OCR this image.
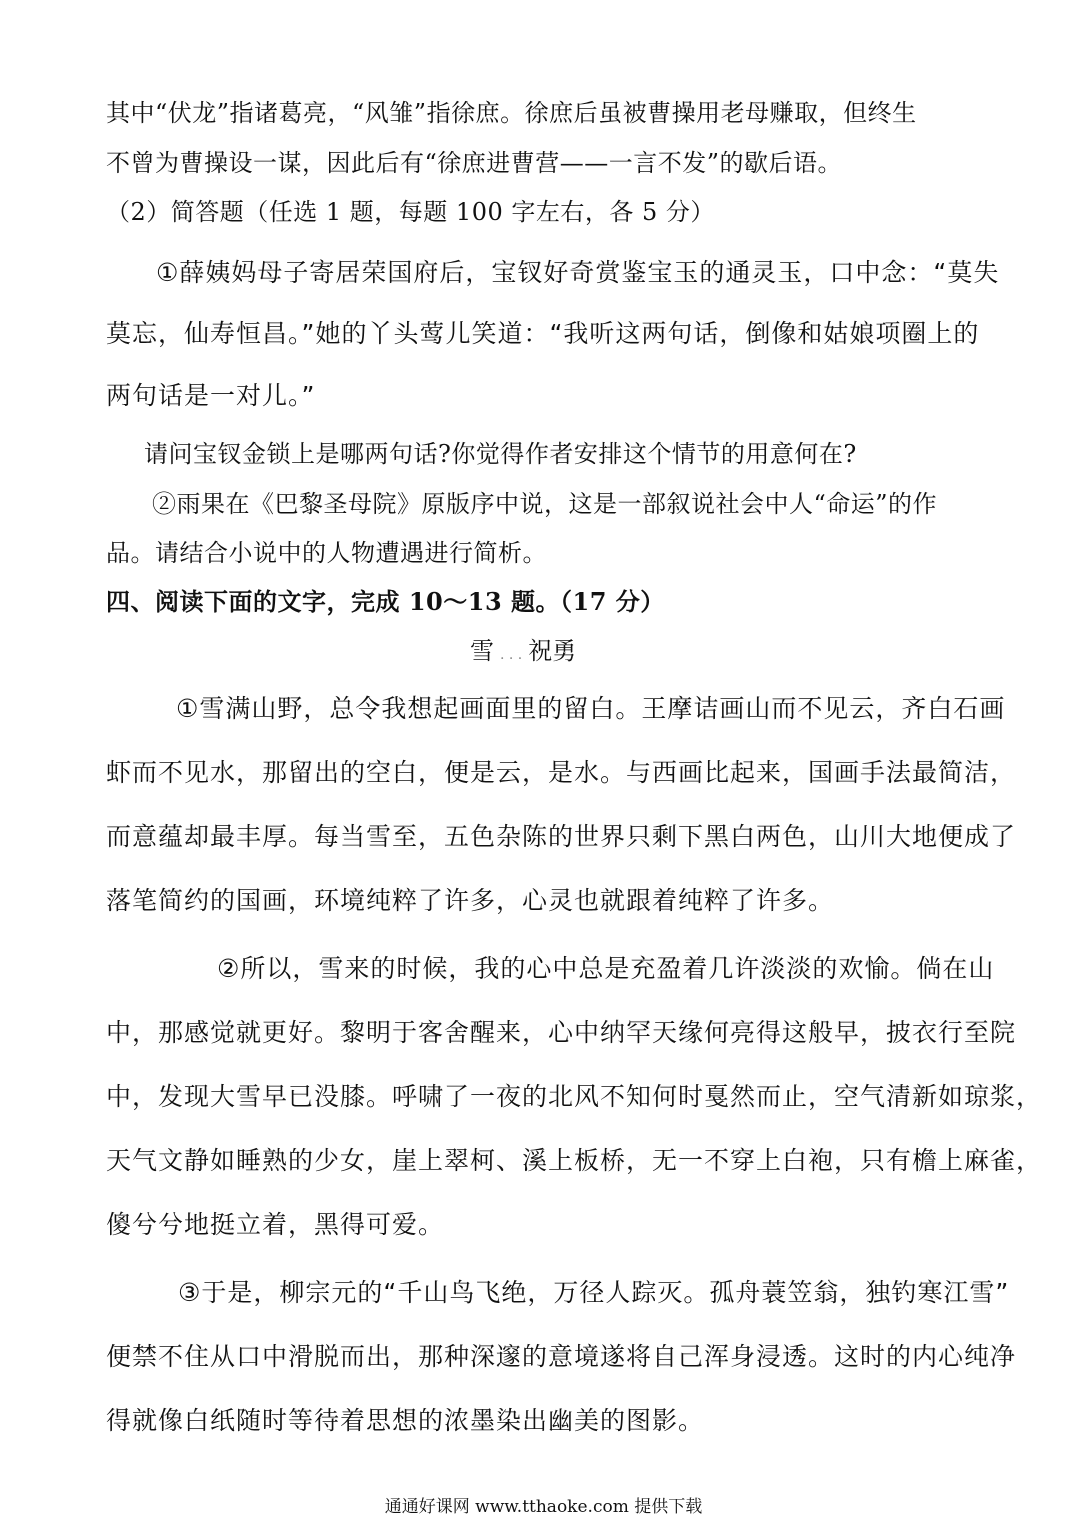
其中“伏龙”指诸葛亮，“风雏”指徐庶。徐庶后虽被曹操用老母赚取，但终生
不曾为曹操设一谋，因此后有“徐庶进曹营——一言不发”的歇后语。
（2）简答题（任选 1 题，每题 100 字左右，各 5 分）
①薛姨妈母子寄居荣国府后，宝钗好奇赏鉴宝玉的通灵玉，口中念：“莫失
莫忘，仙寿恒昌。”她的丫头莺儿笑道：“我听这两句话，倒像和姑娘项圈上的
两句话是一对儿。”
请问宝钗金锁上是哪两句话?你觉得作者安排这个情节的用意何在?
②雨果在《巴黎圣母院》原版序中说，这是一部叙说社会中人“命运”的作
品。请结合小说中的人物遭遇进行简析。
四、阅读下面的文字，完成 10～13 题。（17 分）
雪 . . . 祝勇
①雪满山野，总令我想起画面里的留白。王摩诘画山而不见云，齐白石画
虾而不见水，那留出的空白，便是云，是水。与西画比起来，国画手法最简洁，
而意蕴却最丰厚。每当雪至，五色杂陈的世界只剩下黑白两色，山川大地便成了
落笔简约的国画，环境纯粹了许多，心灵也就跟着纯粹了许多。
②所以，雪来的时候，我的心中总是充盈着几许淡淡的欢愉。倘在山
中，那感觉就更好。黎明于客舍醒来，心中纳罕天缘何亮得这般早，披衣行至院
中，发现大雪早已没膝。呼啸了一夜的北风不知何时戛然而止，空气清新如琼浆，
天气文静如睡熟的少女，崖上翠柯、溪上板桥，无一不穿上白袍，只有檐上麻雀，
傻兮兮地挺立着，黑得可爱。
③于是，柳宗元的“千山鸟飞绝，万径人踪灭。孤舟蓑笠翁，独钓寒江雪”
便禁不住从口中滑脱而出，那种深邃的意境遂将自己浑身浸透。这时的内心纯净
得就像白纸随时等待着思想的浓墨染出幽美的图影。
通通好课网 www.tthaoke.com 提供下载
